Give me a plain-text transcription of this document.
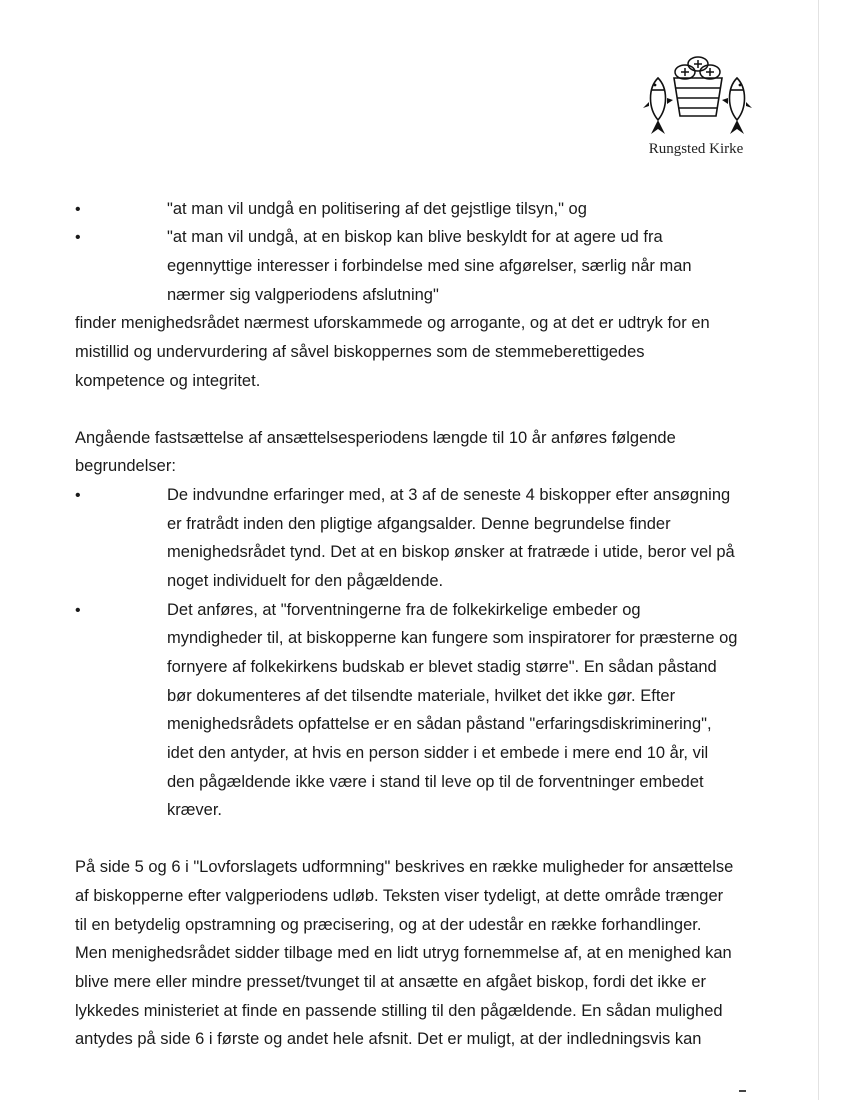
Rungsted Kirke
•	"at man vil undgå en politisering af det gejstlige tilsyn," og
•	"at man vil undgå, at en biskop kan blive beskyldt for at agere ud fra
egennyttige interesser i forbindelse med sine afgørelser, særlig når man
nærmer sig valgperiodens afslutning"
finder menighedsrådet nærmest uforskammede og arrogante, og at det er udtryk for en
mistillid og undervurdering af såvel biskoppernes som de stemmeberettigedes
kompetence og integritet.
Angående fastsættelse af ansættelsesperiodens længde til 10 år anføres følgende
begrundelser:
•	De indvundne erfaringer med, at 3 af de seneste 4 biskopper efter ansøgning
er fratrådt inden den pligtige afgangsalder. Denne begrundelse finder
menighedsrådet tynd. Det at en biskop ønsker at fratræde i utide, beror vel på
noget individuelt for den pågældende.
•	Det anføres, at "forventningerne fra de folkekirkelige embeder og
myndigheder til, at biskopperne kan fungere som inspiratorer for præsterne og
fornyere af folkekirkens budskab er blevet stadig større". En sådan påstand
bør dokumenteres af det tilsendte materiale, hvilket det ikke gør. Efter
menighedsrådets opfattelse er en sådan påstand "erfaringsdiskriminering",
idet den antyder, at hvis en person sidder i et embede i mere end 10 år, vil
den pågældende ikke være i stand til leve op til de forventninger embedet
kræver.
På side 5 og 6 i "Lovforslagets udformning" beskrives en række muligheder for ansættelse
af biskopperne efter valgperiodens udløb. Teksten viser tydeligt, at dette område trænger
til en betydelig opstramning og præcisering, og at der udestår en række forhandlinger.
Men menighedsrådet sidder tilbage med en lidt utryg fornemmelse af, at en menighed kan
blive mere eller mindre presset/tvunget til at ansætte en afgået biskop, fordi det ikke er
lykkedes ministeriet at finde en passende stilling til den pågældende. En sådan mulighed
antydes på side 6 i første og andet hele afsnit. Det er muligt, at der indledningsvis kan
